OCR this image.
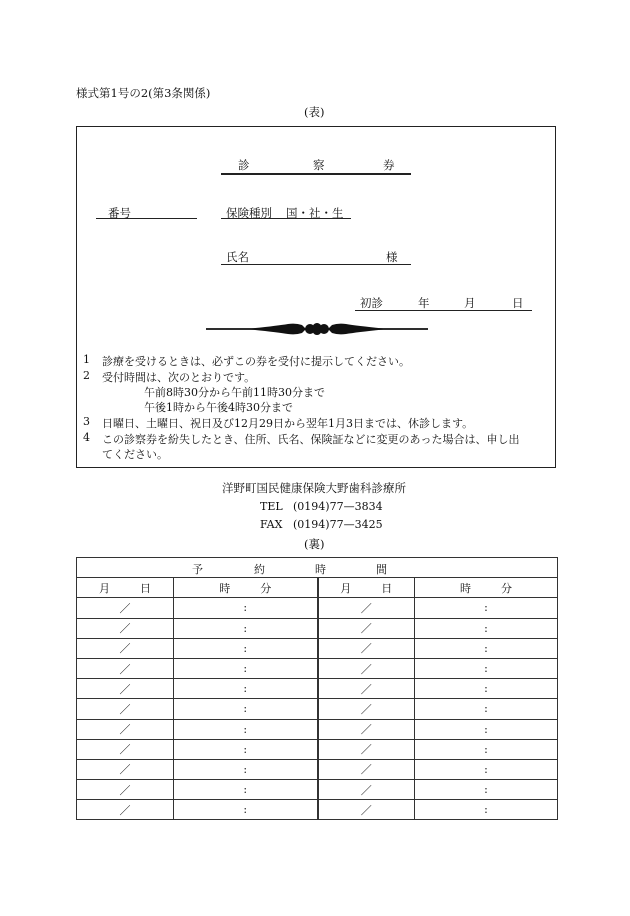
様式第1号の2(第3条関係)
(表)
診	察	券
番号	保険種別 国・社・生
氏名	様
初診	年	月	日
1 診療を受けるときは、必ずこの券を受付に提示してください。
2 受付時間は、次のとおりです。
午前8時30分から午前11時30分まで
午後1時から午後4時30分まで
3 日曜日、土曜日、祝日及び12月29日から翌年1月3日までは、休診します。
4 この診察券を紛失したとき、住所、氏名、保険証などに変更のあった場合は、申し出
てください。
洋野町国民健康保険大野歯科診療所
TEL (0194)77—3834
FAX (0194)77—3425
(裏)
予 約 時 間			

月 日	時 分	月 日	時 分
／	:	／	:
／	:	／	:
／	:	／	:
／	:	／	:
／	:	／	:
／	:	／	:
／	:	／	:
／	:	／	:
／	:	／	:
／	:	／	:
／	:	／	:
